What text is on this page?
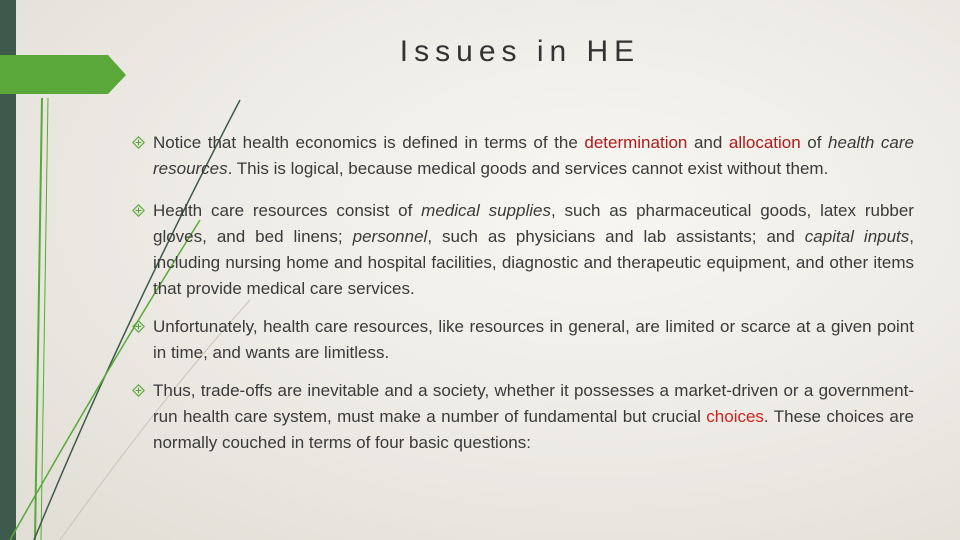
Issues in HE
Notice that health economics is defined in terms of the determination and allocation of health care resources. This is logical, because medical goods and services cannot exist without them.
Health care resources consist of medical supplies, such as pharmaceutical goods, latex rubber gloves, and bed linens; personnel, such as physicians and lab assistants; and capital inputs, including nursing home and hospital facilities, diagnostic and therapeutic equipment, and other items that provide medical care services.
Unfortunately, health care resources, like resources in general, are limited or scarce at a given point in time, and wants are limitless.
Thus, trade-offs are inevitable and a society, whether it possesses a market-driven or a government-run health care system, must make a number of fundamental but crucial choices. These choices are normally couched in terms of four basic questions:
